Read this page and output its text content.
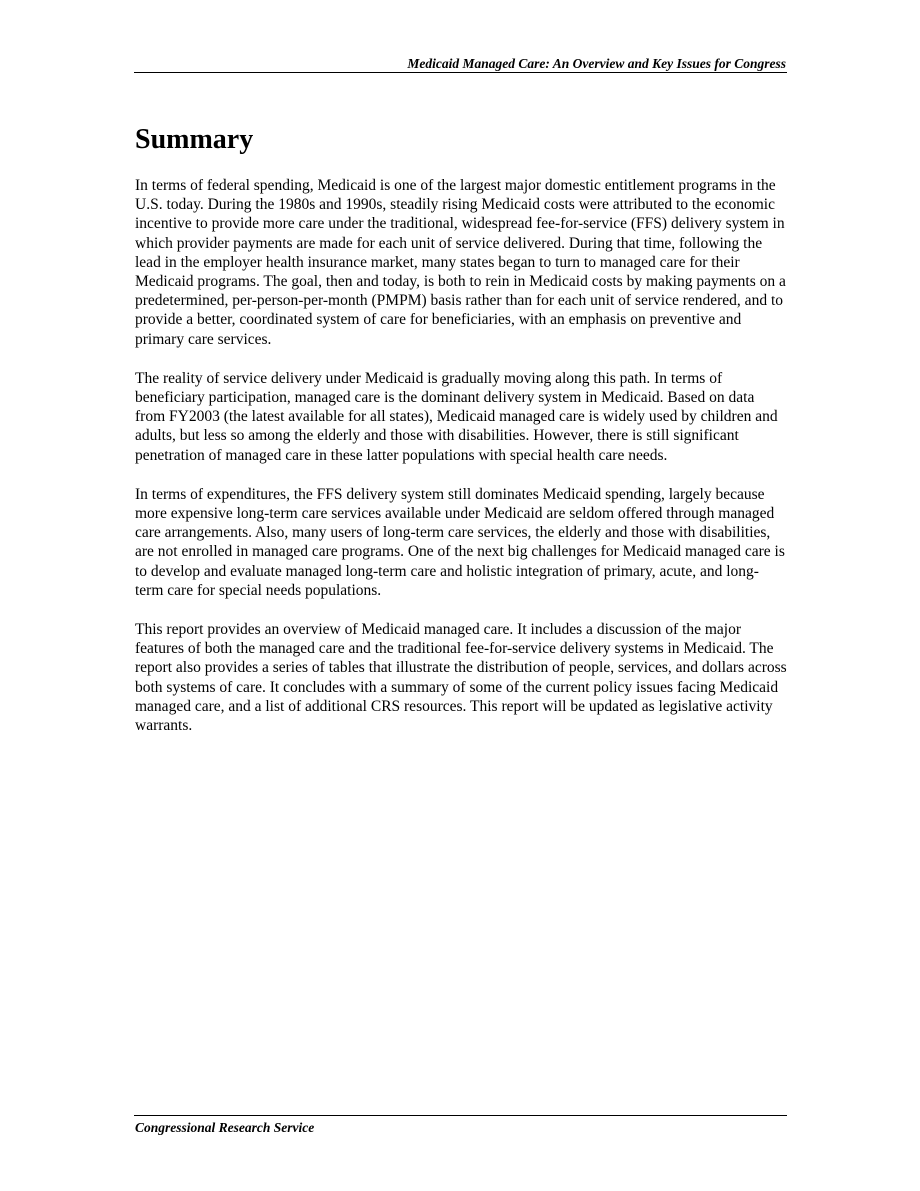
Medicaid Managed Care: An Overview and Key Issues for Congress
Summary

In terms of federal spending, Medicaid is one of the largest major domestic entitlement programs in the U.S. today. During the 1980s and 1990s, steadily rising Medicaid costs were attributed to the economic incentive to provide more care under the traditional, widespread fee-for-service (FFS) delivery system in which provider payments are made for each unit of service delivered. During that time, following the lead in the employer health insurance market, many states began to turn to managed care for their Medicaid programs. The goal, then and today, is both to rein in Medicaid costs by making payments on a predetermined, per-person-per-month (PMPM) basis rather than for each unit of service rendered, and to provide a better, coordinated system of care for beneficiaries, with an emphasis on preventive and primary care services.

The reality of service delivery under Medicaid is gradually moving along this path. In terms of beneficiary participation, managed care is the dominant delivery system in Medicaid. Based on data from FY2003 (the latest available for all states), Medicaid managed care is widely used by children and adults, but less so among the elderly and those with disabilities. However, there is still significant penetration of managed care in these latter populations with special health care needs.

In terms of expenditures, the FFS delivery system still dominates Medicaid spending, largely because more expensive long-term care services available under Medicaid are seldom offered through managed care arrangements. Also, many users of long-term care services, the elderly and those with disabilities, are not enrolled in managed care programs. One of the next big challenges for Medicaid managed care is to develop and evaluate managed long-term care and holistic integration of primary, acute, and long-term care for special needs populations.

This report provides an overview of Medicaid managed care. It includes a discussion of the major features of both the managed care and the traditional fee-for-service delivery systems in Medicaid. The report also provides a series of tables that illustrate the distribution of people, services, and dollars across both systems of care. It concludes with a summary of some of the current policy issues facing Medicaid managed care, and a list of additional CRS resources. This report will be updated as legislative activity warrants.

Congressional Research Service
